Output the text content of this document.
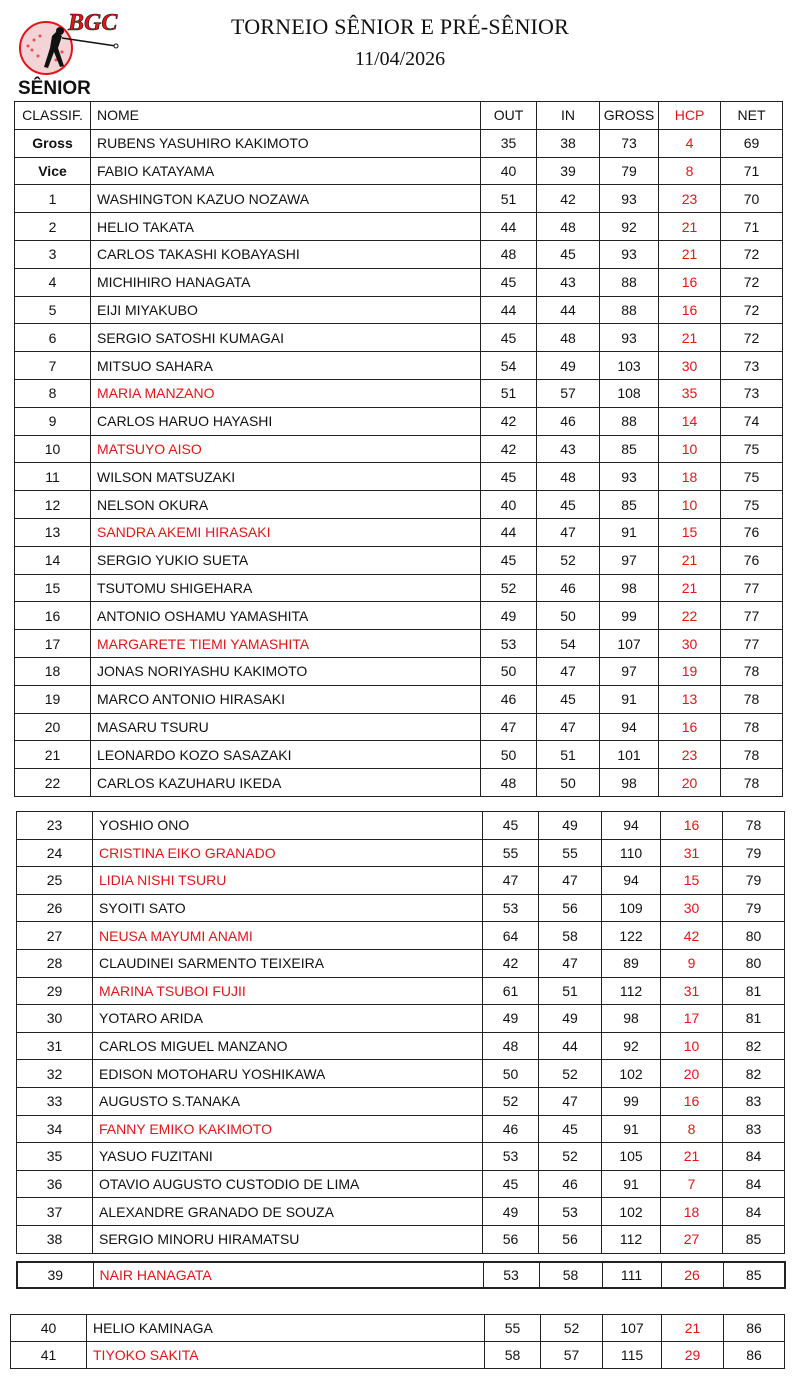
BGC	TORNEIO SÊNIOR E PRÉ-SÊNIOR
11/04/2026
SÊNIOR
CLASSIF.	NOME	OUT	IN	GROSS	HCP	NET
Gross	RUBENS YASUHIRO KAKIMOTO	35	38	73	4	69
Vice	FABIO KATAYAMA	40	39	79	8	71
1	WASHINGTON KAZUO NOZAWA	51	42	93	23	70
2	HELIO TAKATA	44	48	92	21	71
3	CARLOS TAKASHI KOBAYASHI	48	45	93	21	72
4	MICHIHIRO HANAGATA	45	43	88	16	72
5	EIJI MIYAKUBO	44	44	88	16	72
6	SERGIO SATOSHI KUMAGAI	45	48	93	21	72
7	MITSUO SAHARA	54	49	103	30	73
8	MARIA MANZANO	51	57	108	35	73
9	CARLOS HARUO HAYASHI	42	46	88	14	74
10	MATSUYO AISO	42	43	85	10	75
11	WILSON MATSUZAKI	45	48	93	18	75
12	NELSON OKURA	40	45	85	10	75
13	SANDRA AKEMI HIRASAKI	44	47	91	15	76
14	SERGIO YUKIO SUETA	45	52	97	21	76
15	TSUTOMU SHIGEHARA	52	46	98	21	77
16	ANTONIO OSHAMU YAMASHITA	49	50	99	22	77
17	MARGARETE TIEMI YAMASHITA	53	54	107	30	77
18	JONAS NORIYASHU KAKIMOTO	50	47	97	19	78
19	MARCO ANTONIO HIRASAKI	46	45	91	13	78
20	MASARU TSURU	47	47	94	16	78
21	LEONARDO KOZO SASAZAKI	50	51	101	23	78
22	CARLOS KAZUHARU IKEDA	48	50	98	20	78
23	YOSHIO ONO	45	49	94	16	78
24	CRISTINA EIKO GRANADO	55	55	110	31	79
25	LIDIA NISHI TSURU	47	47	94	15	79
26	SYOITI SATO	53	56	109	30	79
27	NEUSA MAYUMI ANAMI	64	58	122	42	80
28	CLAUDINEI SARMENTO TEIXEIRA	42	47	89	9	80
29	MARINA TSUBOI FUJII	61	51	112	31	81
30	YOTARO ARIDA	49	49	98	17	81
31	CARLOS MIGUEL MANZANO	48	44	92	10	82
32	EDISON MOTOHARU YOSHIKAWA	50	52	102	20	82
33	AUGUSTO S.TANAKA	52	47	99	16	83
34	FANNY EMIKO KAKIMOTO	46	45	91	8	83
35	YASUO FUZITANI	53	52	105	21	84
36	OTAVIO AUGUSTO CUSTODIO DE LIMA	45	46	91	7	84
37	ALEXANDRE GRANADO DE SOUZA	49	53	102	18	84
38	SERGIO MINORU HIRAMATSU	56	56	112	27	85
39	NAIR HANAGATA	53	58	111	26	85
40	HELIO KAMINAGA	55	52	107	21	86
41	TIYOKO SAKITA	58	57	115	29	86
